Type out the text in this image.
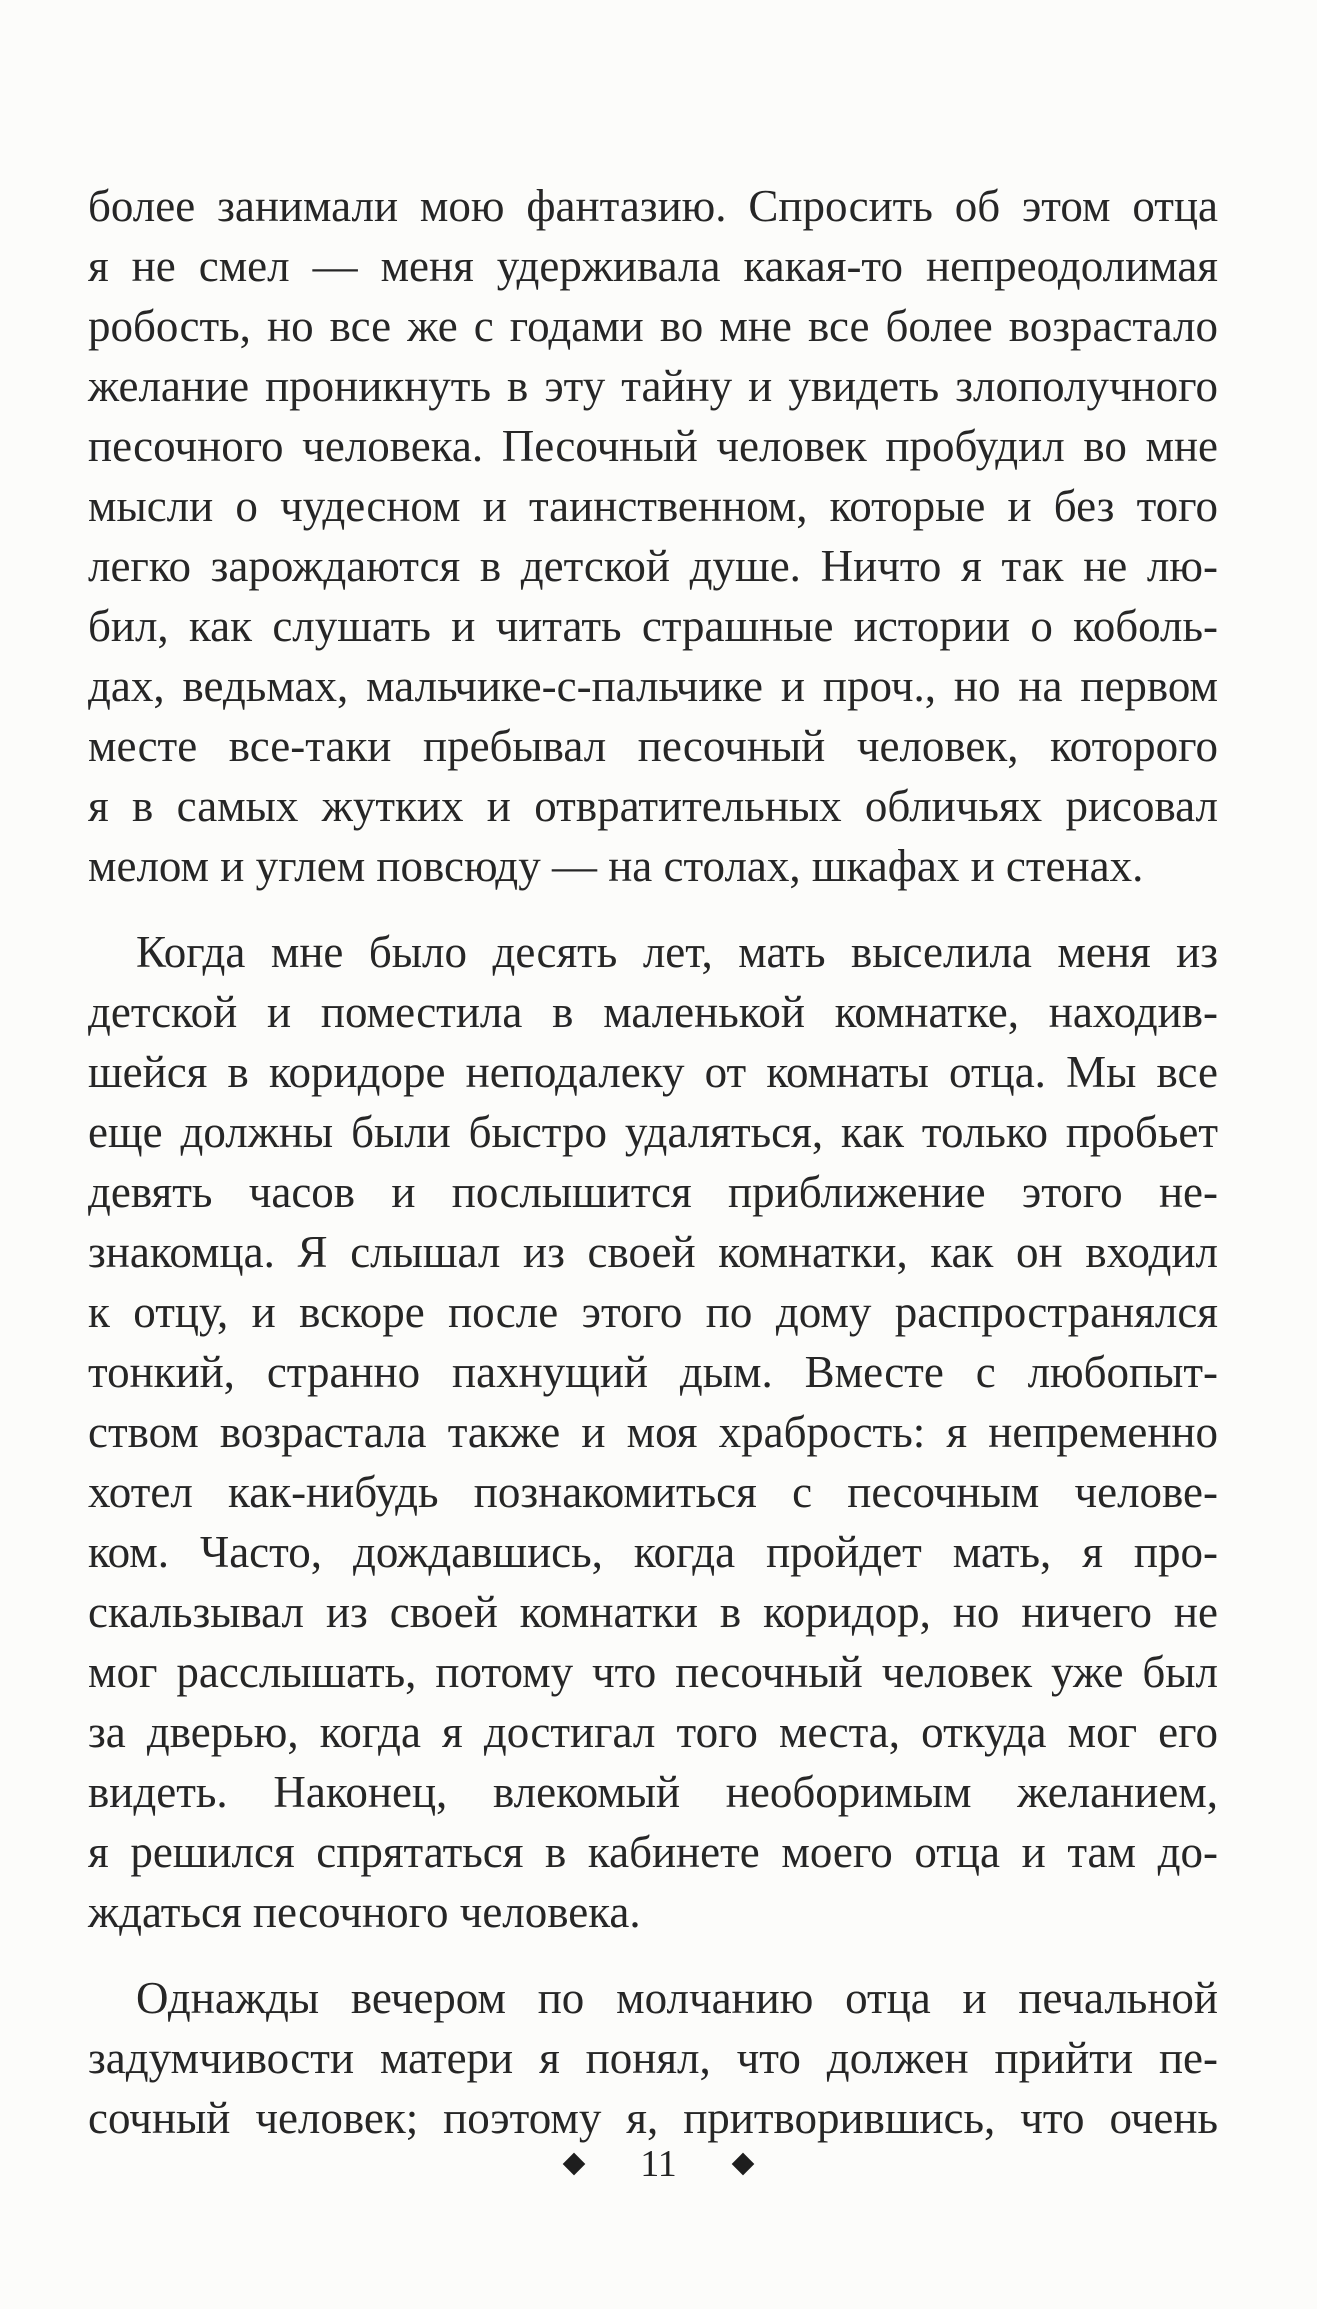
более занимали мою фантазию. Спросить об этом отца
я не смел — меня удерживала какая-то непреодолимая
робость, но все же с годами во мне все более возрастало
желание проникнуть в эту тайну и увидеть злополучного
песочного человека. Песочный человек пробудил во мне
мысли о чудесном и таинственном, которые и без того
легко зарождаются в детской душе. Ничто я так не лю-
бил, как слушать и читать страшные истории о коболь-
дах, ведьмах, мальчике-с-пальчике и проч., но на первом
месте все-таки пребывал песочный человек, которого
я в самых жутких и отвратительных обличьях рисовал
мелом и углем повсюду — на столах, шкафах и стенах.

Когда мне было десять лет, мать выселила меня из
детской и поместила в маленькой комнатке, находив-
шейся в коридоре неподалеку от комнаты отца. Мы все
еще должны были быстро удаляться, как только пробьет
девять часов и послышится приближение этого не-
знакомца. Я слышал из своей комнатки, как он входил
к отцу, и вскоре после этого по дому распространялся
тонкий, странно пахнущий дым. Вместе с любопыт-
ством возрастала также и моя храбрость: я непременно
хотел как-нибудь познакомиться с песочным челове-
ком. Часто, дождавшись, когда пройдет мать, я про-
скальзывал из своей комнатки в коридор, но ничего не
мог расслышать, потому что песочный человек уже был
за дверью, когда я достигал того места, откуда мог его
видеть. Наконец, влекомый необоримым желанием,
я решился спрятаться в кабинете моего отца и там до-
ждаться песочного человека.

Однажды вечером по молчанию отца и печальной
задумчивости матери я понял, что должен прийти пе-
сочный человек; поэтому я, притворившись, что очень

11
